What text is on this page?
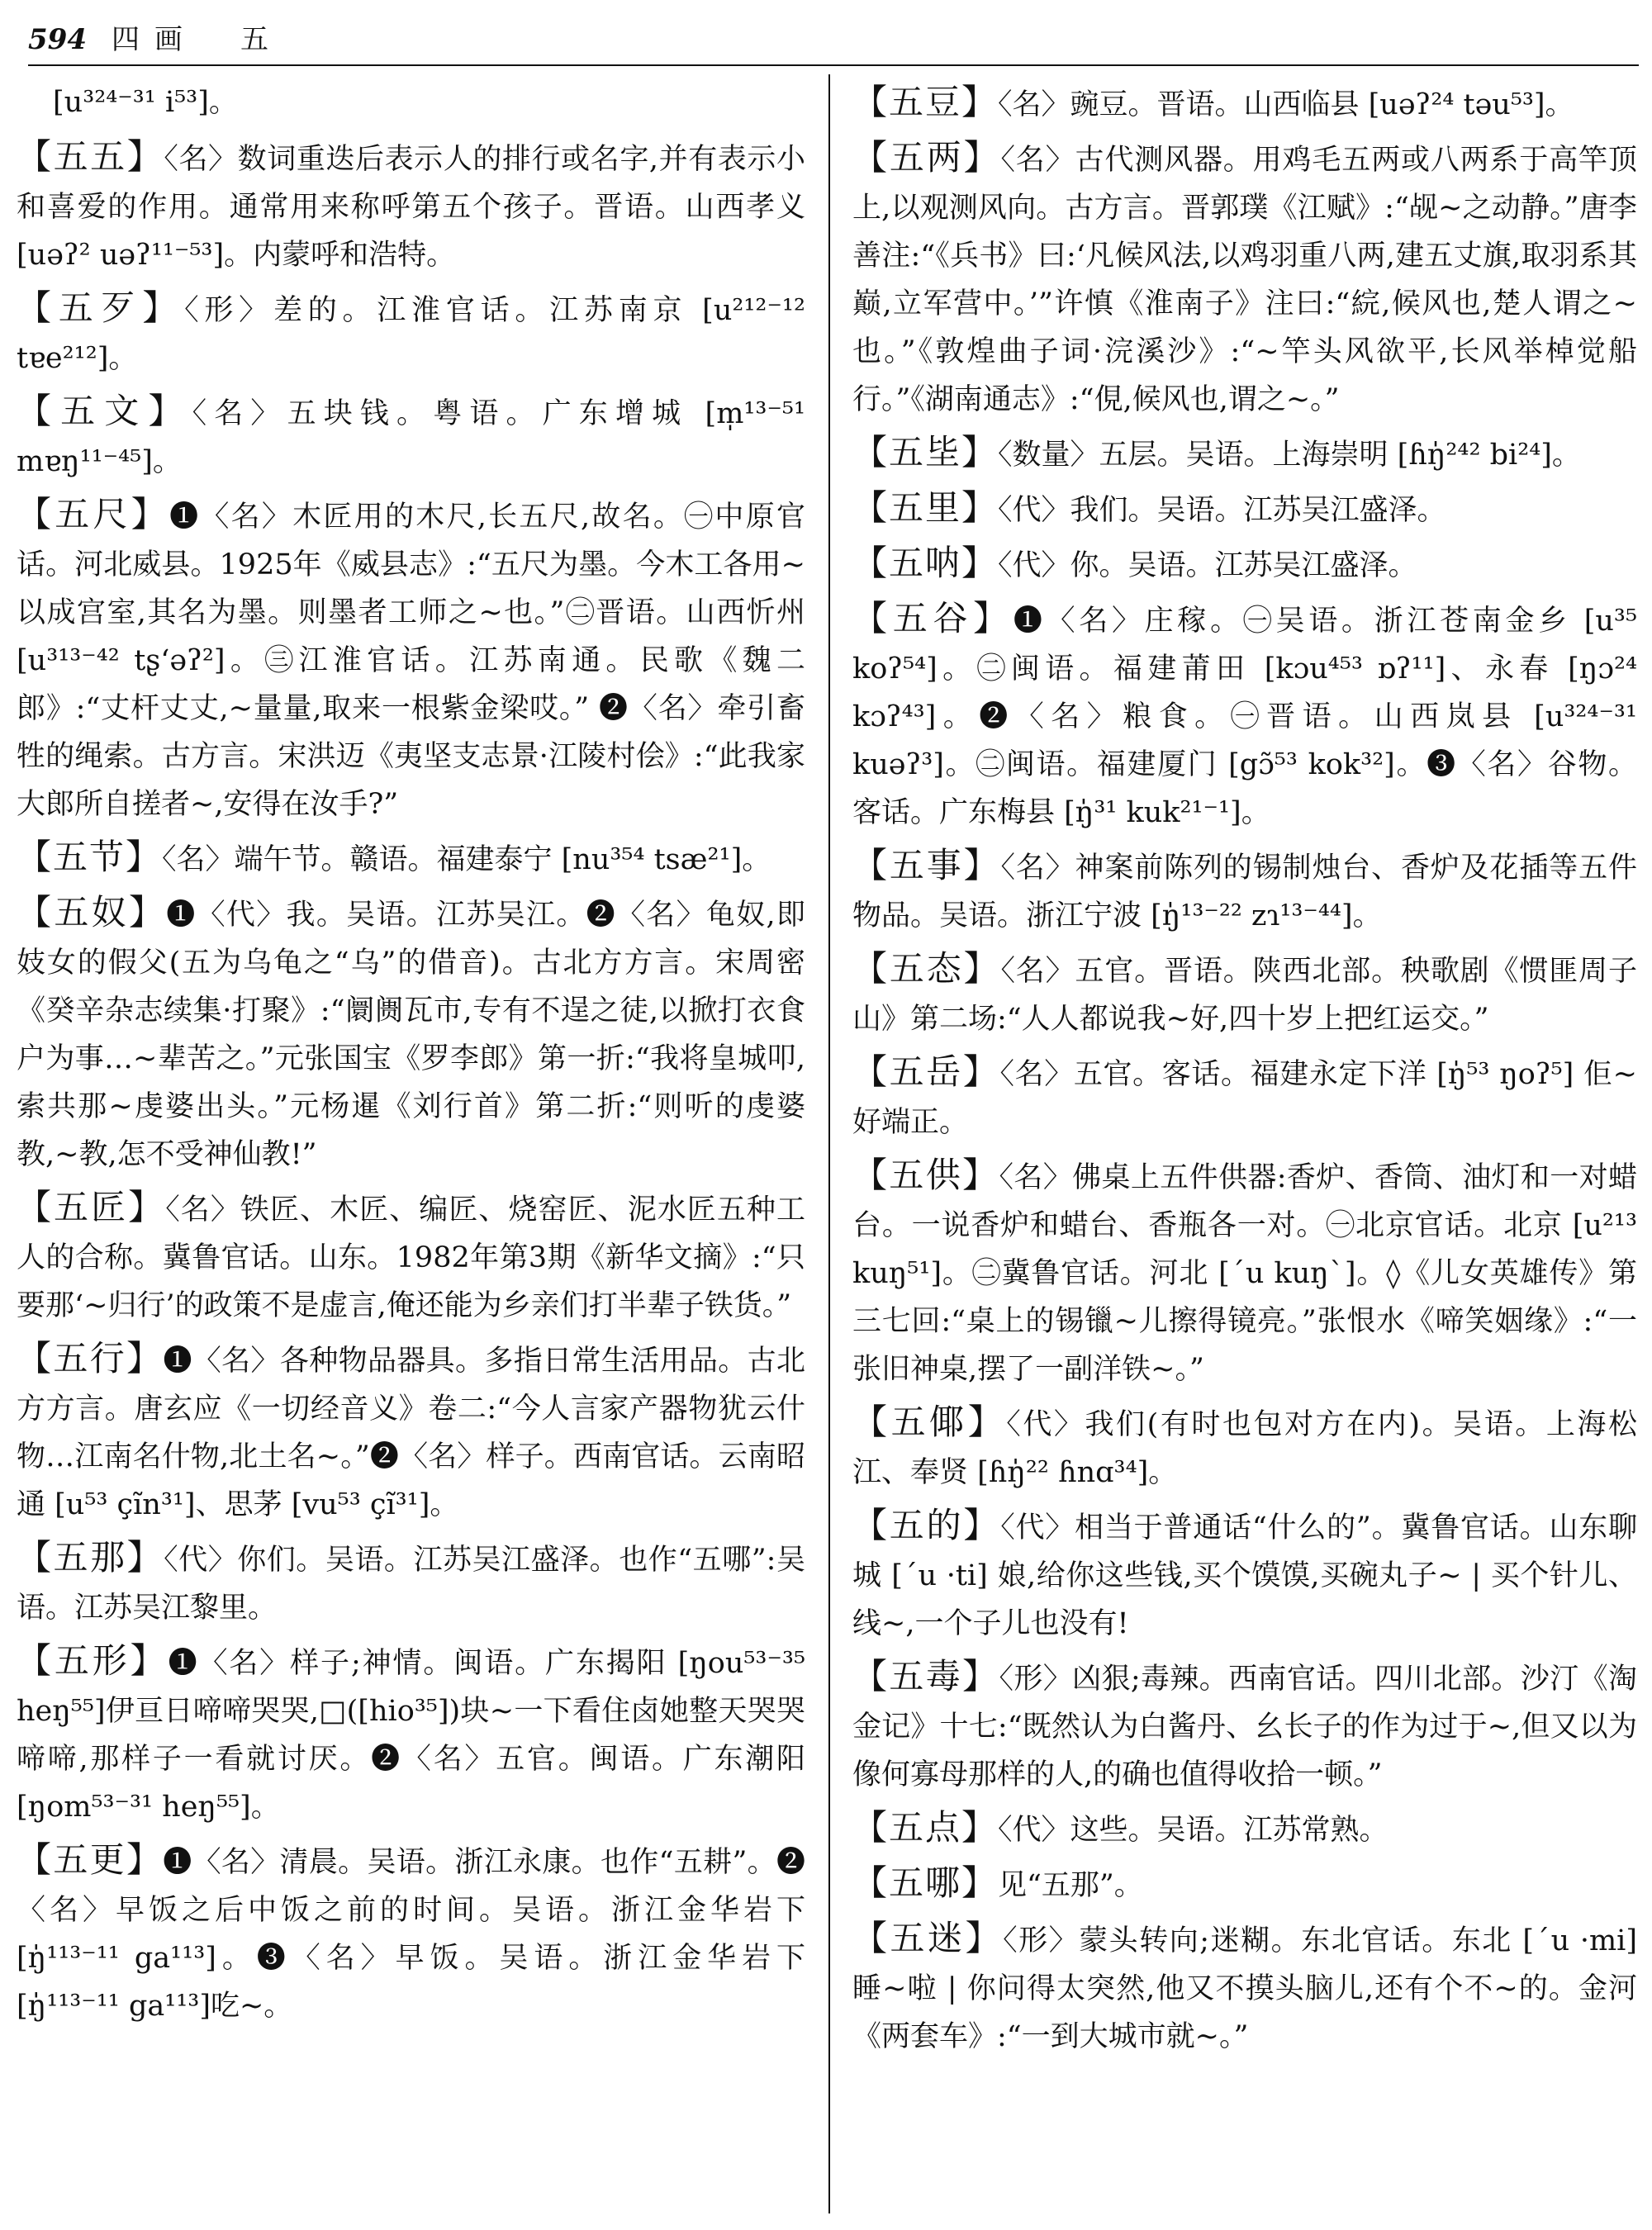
594 四画　五

[u³²⁴⁻³¹ i⁵³]。

【五五】〈名〉数词重迭后表示人的排行或名字,并有表示小和喜爱的作用。通常用来称呼第五个孩子。晋语。山西孝义 [uəʔ² uəʔ¹¹⁻⁵³]。内蒙呼和浩特。

【五歹】〈形〉差的。江淮官话。江苏南京 [u²¹²⁻¹² tɐe²¹²]。

【五文】〈名〉五块钱。粤语。广东增城 [m̩¹³⁻⁵¹ mɐŋ¹¹⁻⁴⁵]。

【五尺】❶〈名〉木匠用的木尺,长五尺,故名。㊀中原官话。河北威县。1925年《威县志》:“五尺为墨。今木工各用~以成宫室,其名为墨。则墨者工师之~也。”㊁晋语。山西忻州 [u³¹³⁻⁴² tʂʻəʔ²]。㊂江淮官话。江苏南通。民歌《魏二郎》:“丈杆丈丈,~量量,取来一根紫金梁哎。” ❷〈名〉牵引畜牲的绳索。古方言。宋洪迈《夷坚支志景·江陵村侩》:“此我家大郎所自搓者~,安得在汝手?”

【五节】〈名〉端午节。赣语。福建泰宁 [nu³⁵⁴ tsæ²¹]。

【五奴】❶〈代〉我。吴语。江苏吴江。❷〈名〉龟奴,即妓女的假父(五为乌龟之“乌”的借音)。古北方方言。宋周密《癸辛杂志续集·打聚》:“阛阓瓦市,专有不逞之徒,以掀打衣食户为事…~辈苦之。”元张国宝《罗李郎》第一折:“我将皇城叩,索共那~虔婆出头。”元杨暹《刘行首》第二折:“则听的虔婆教,~教,怎不受神仙教!”

【五匠】〈名〉铁匠、木匠、编匠、烧窑匠、泥水匠五种工人的合称。冀鲁官话。山东。1982年第3期《新华文摘》:“只要那‘~归行’的政策不是虚言,俺还能为乡亲们打半辈子铁货。”

【五行】❶〈名〉各种物品器具。多指日常生活用品。古北方方言。唐玄应《一切经音义》卷二:“今人言家产器物犹云什物…江南名什物,北土名~。”❷〈名〉样子。西南官话。云南昭通 [u⁵³ çĩn³¹]、思茅 [vu⁵³ çĩ³¹]。

【五那】〈代〉你们。吴语。江苏吴江盛泽。也作“五哪”:吴语。江苏吴江黎里。

【五形】❶〈名〉样子;神情。闽语。广东揭阳 [ŋou⁵³⁻³⁵ heŋ⁵⁵]伊亘日啼啼哭哭,□([hio³⁵])块~一下看住卤她整天哭哭啼啼,那样子一看就讨厌。❷〈名〉五官。闽语。广东潮阳 [ŋom⁵³⁻³¹ heŋ⁵⁵]。

【五更】❶〈名〉清晨。吴语。浙江永康。也作“五耕”。❷〈名〉早饭之后中饭之前的时间。吴语。浙江金华岩下 [ŋ̍¹¹³⁻¹¹ ga¹¹³]。❸〈名〉早饭。吴语。浙江金华岩下 [ŋ̍¹¹³⁻¹¹ ga¹¹³]吃~。

【五豆】〈名〉豌豆。晋语。山西临县 [uəʔ²⁴ təu⁵³]。

【五两】〈名〉古代测风器。用鸡毛五两或八两系于高竿顶上,以观测风向。古方言。晋郭璞《江赋》:“觇~之动静。”唐李善注:“《兵书》曰:‘凡候风法,以鸡羽重八两,建五丈旗,取羽系其巅,立军营中。’”许慎《淮南子》注曰:“綄,候风也,楚人谓之~也。”《敦煌曲子词·浣溪沙》:“~竿头风欲平,长风举棹觉船行。”《湖南通志》:“俔,候风也,谓之~。”

【五坒】〈数量〉五层。吴语。上海崇明 [ɦŋ̍²⁴² bi²⁴]。

【五里】〈代〉我们。吴语。江苏吴江盛泽。

【五呐】〈代〉你。吴语。江苏吴江盛泽。

【五谷】❶〈名〉庄稼。㊀吴语。浙江苍南金乡 [u³⁵ koʔ⁵⁴]。㊁闽语。福建莆田 [kɔu⁴⁵³ ɒʔ¹¹]、永春 [ŋɔ²⁴ kɔʔ⁴³]。❷〈名〉粮食。㊀晋语。山西岚县 [u³²⁴⁻³¹ kuəʔ³]。㊁闽语。福建厦门 [gɔ̃⁵³ kok³²]。❸〈名〉谷物。客话。广东梅县 [ŋ̍³¹ kuk²¹⁻¹]。

【五事】〈名〉神案前陈列的锡制烛台、香炉及花插等五件物品。吴语。浙江宁波 [ŋ̍¹³⁻²² zɿ¹³⁻⁴⁴]。

【五态】〈名〉五官。晋语。陕西北部。秧歌剧《惯匪周子山》第二场:“人人都说我~好,四十岁上把红运交。”

【五岳】〈名〉五官。客话。福建永定下洋 [ŋ̍⁵³ ŋoʔ⁵] 佢~好端正。

【五供】〈名〉佛桌上五件供器:香炉、香筒、油灯和一对蜡台。一说香炉和蜡台、香瓶各一对。㊀北京官话。北京 [u²¹³ kuŋ⁵¹]。㊁冀鲁官话。河北 [ˊu kuŋˋ]。◊《儿女英雄传》第三七回:“桌上的锡镴~儿擦得镜亮。”张恨水《啼笑姻缘》:“一张旧神桌,摆了一副洋铁~。”

【五倻】〈代〉我们(有时也包对方在内)。吴语。上海松江、奉贤 [ɦŋ̍²² ɦnɑ³⁴]。

【五的】〈代〉相当于普通话“什么的”。冀鲁官话。山东聊城 [ˊu ·ti] 娘,给你这些钱,买个馍馍,买碗丸子~ | 买个针儿、线~,一个子儿也没有!

【五毒】〈形〉凶狠;毒辣。西南官话。四川北部。沙汀《淘金记》十七:“既然认为白酱丹、幺长子的作为过于~,但又以为像何寡母那样的人,的确也值得收拾一顿。”

【五点】〈代〉这些。吴语。江苏常熟。

【五哪】见“五那”。

【五迷】〈形〉蒙头转向;迷糊。东北官话。东北 [ˊu ·mi] 睡~啦 | 你问得太突然,他又不摸头脑儿,还有个不~的。金河《两套车》:“一到大城市就~。”
